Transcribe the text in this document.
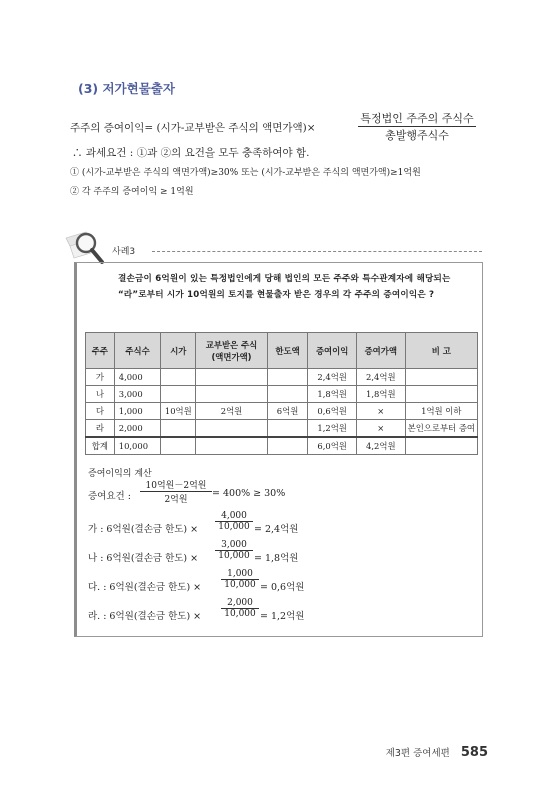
(3) 저가현물출자
주주의 증여이익= (시가-교부받은 주식의 액면가액)×
특정법인 주주의 주식수
총발행주식수
∴ 과세요건 : ①과 ②의 요건을 모두 충족하여야 함.
① (시가-교부받은 주식의 액면가액)≥30% 또는 (시가-교부받은 주식의 액면가액)≥1억원
② 각 주주의 증여이익 ≥ 1억원
사례3
결손금이 6억원이 있는 특정법인에게 당해 법인의 모든 주주와 특수관계자에 해당되는 “라”로부터 시가 10억원의 토지를 현물출자 받은 경우의 각 주주의 증여이익은 ?
주주	주식수	시가	교부받은 주식
(액면가액)	한도액	증여이익	증여가액	비 고
가	4,000				2,4억원	2,4억원	
나	3,000				1,8억원	1,8억원	
다	1,000	10억원	2억원	6억원	0,6억원	×	1억원 이하
라	2,000				1,2억원	×	본인으로부터 증여
합계	10,000				6,0억원	4,2억원	
증여이익의 계산
증여요건 :
10억원－2억원
2억원
= 400% ≥ 30%
가 : 6억원(결손금 한도) × $\frac{4,000}{10,000} = 2,4$억원
나 : 6억원(결손금 한도) × $\frac{3,000}{10,000} = 1,8$억원
다. : 6억원(결손금 한도) × $\frac{1,000}{10,000} = 0,6$억원
라. : 6억원(결손금 한도) × $\frac{2,000}{10,000} = 1,2$억원
제3편 증여세편 585
